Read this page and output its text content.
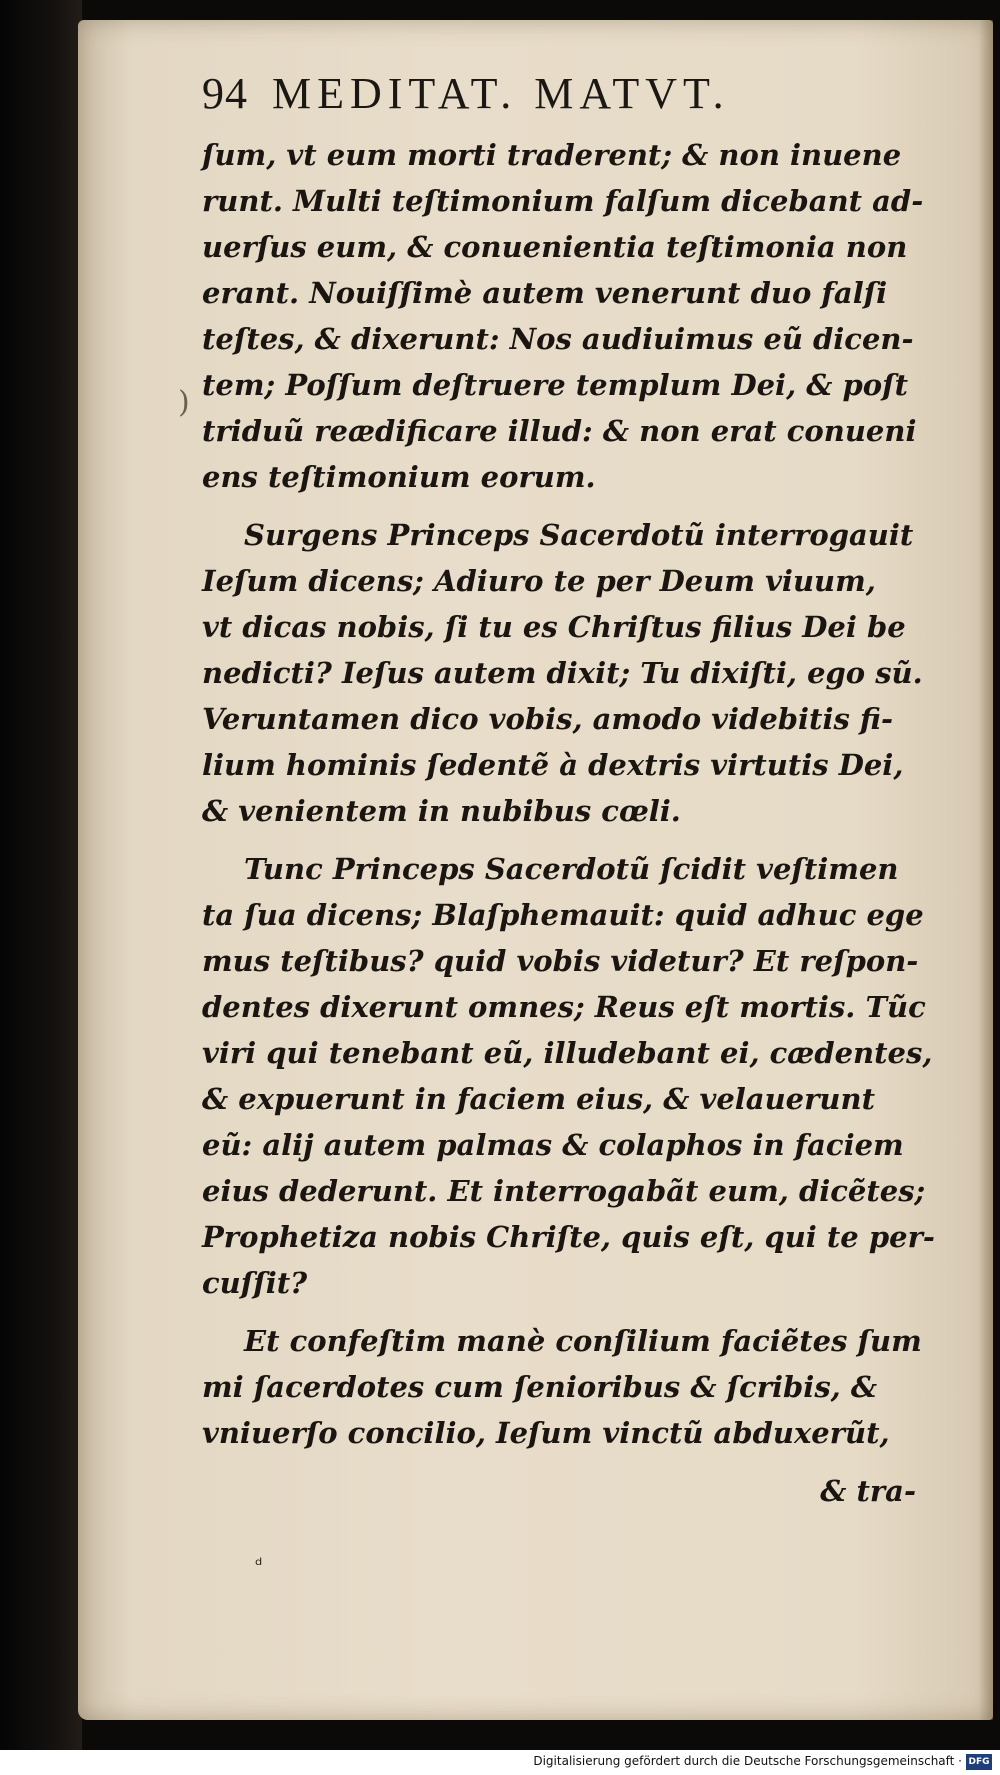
94 MEDITAT. MATVT.
)

ſum, vt eum morti traderent; & non inuene
runt. Multi teſtimonium falſum dicebant ad-
uerſus eum, & conuenientia teſtimonia non
erant. Nouiſſimè autem venerunt duo falſi
teſtes, & dixerunt: Nos audiuimus eũ dicen-
tem; Poſſum deſtruere templum Dei, & poſt
triduũ reædificare illud: & non erat conueni
ens teſtimonium eorum.

Surgens Princeps Sacerdotũ interrogauit
Ieſum dicens; Adiuro te per Deum viuum,
vt dicas nobis, ſi tu es Chriſtus filius Dei be
nedicti? Ieſus autem dixit; Tu dixiſti, ego sũ.
Veruntamen dico vobis, amodo videbitis fi-
lium hominis ſedentẽ à dextris virtutis Dei,
& venientem in nubibus cœli.

Tunc Princeps Sacerdotũ ſcidit veſtimen
ta ſua dicens; Blaſphemauit: quid adhuc ege
mus teſtibus? quid vobis videtur? Et reſpon-
dentes dixerunt omnes; Reus eſt mortis. Tũc
viri qui tenebant eũ, illudebant ei, cædentes,
& expuerunt in faciem eius, & velauerunt
eũ: alij autem palmas & colaphos in faciem
eius dederunt. Et interrogabãt eum, dicẽtes;
Prophetiza nobis Chriſte, quis eſt, qui te per-
cuſſit?

Et confeſtim manè conſilium faciẽtes ſum
mi ſacerdotes cum ſenioribus & ſcribis, &
vniuerſo concilio, Ieſum vinctũ abduxerũt,

& tra-
ᵈ
Digitalisierung gefördert durch die Deutsche Forschungsgemeinschaft · DFG
